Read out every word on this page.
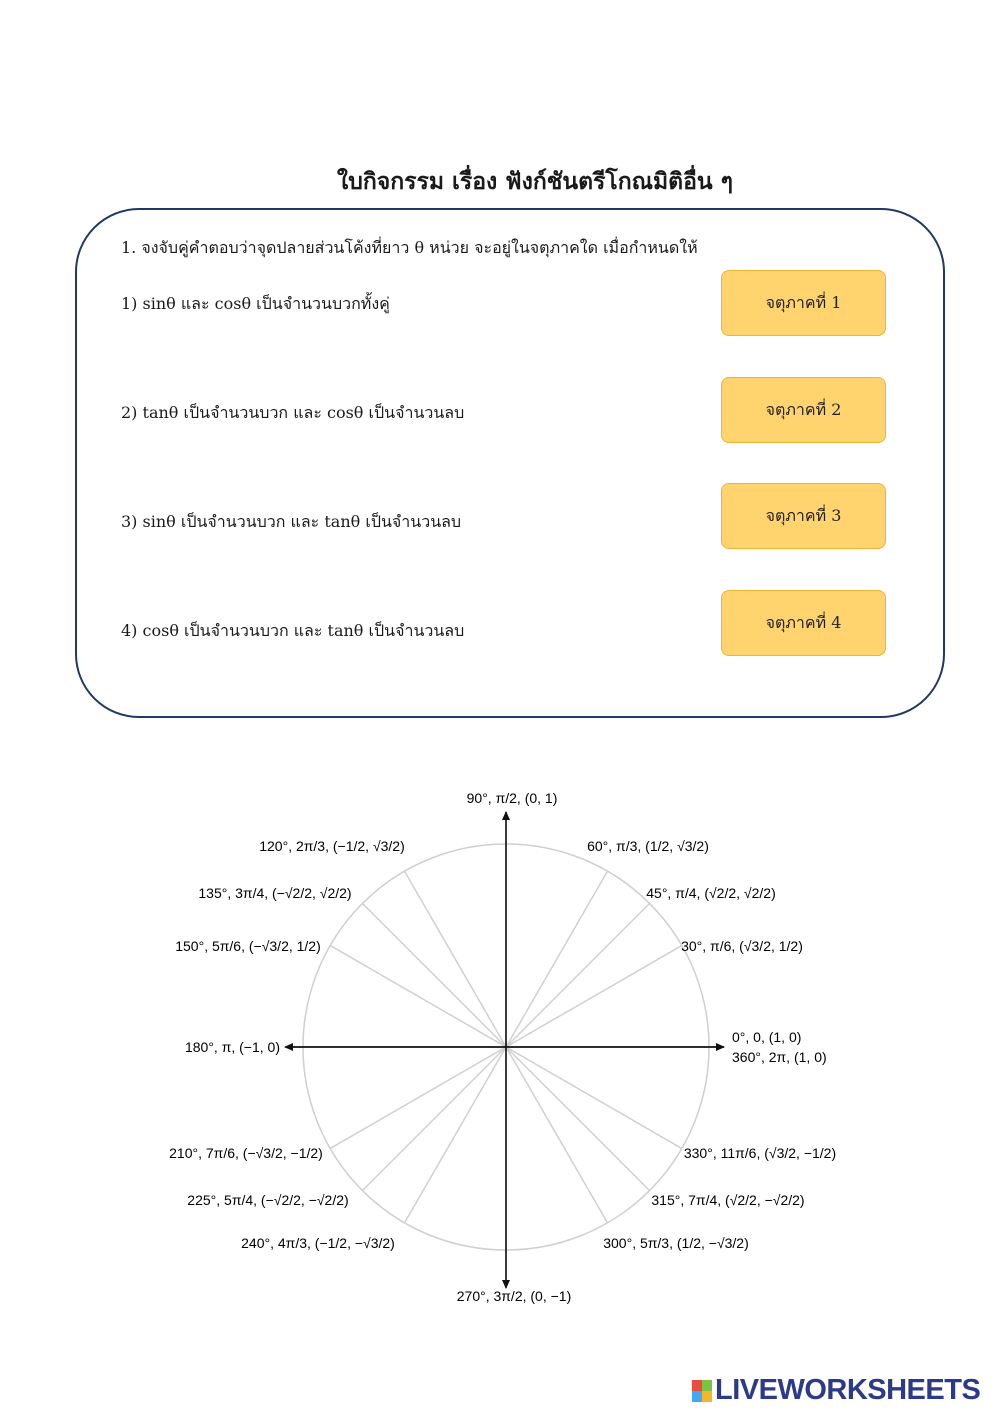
ใบกิจกรรม เรื่อง ฟังก์ชันตรีโกณมิติอื่น ๆ
1. จงจับคู่คำตอบว่าจุดปลายส่วนโค้งที่ยาว θ หน่วย จะอยู่ในจตุภาคใด เมื่อกำหนดให้
1) sinθ และ cosθ เป็นจำนวนบวกทั้งคู่	จตุภาคที่ 1
2) tanθ เป็นจำนวนบวก และ cosθ เป็นจำนวนลบ	จตุภาคที่ 2
3) sinθ เป็นจำนวนบวก และ tanθ เป็นจำนวนลบ	จตุภาคที่ 3
4) cosθ เป็นจำนวนบวก และ tanθ เป็นจำนวนลบ	จตุภาคที่ 4
90°, π/2, (0, 1)
60°, π/3, (1/2, √3/2)
45°, π/4, (√2/2, √2/2)
30°, π/6, (√3/2, 1/2)
0°, 0, (1, 0)
360°, 2π, (1, 0)
120°, 2π/3, (−1/2, √3/2)
135°, 3π/4, (−√2/2, √2/2)
150°, 5π/6, (−√3/2, 1/2)
180°, π, (−1, 0)
210°, 7π/6, (−√3/2, −1/2)
225°, 5π/4, (−√2/2, −√2/2)
240°, 4π/3, (−1/2, −√3/2)
270°, 3π/2, (0, −1)
300°, 5π/3, (1/2, −√3/2)
315°, 7π/4, (√2/2, −√2/2)
330°, 11π/6, (√3/2, −1/2)
LIVEWORKSHEETS
